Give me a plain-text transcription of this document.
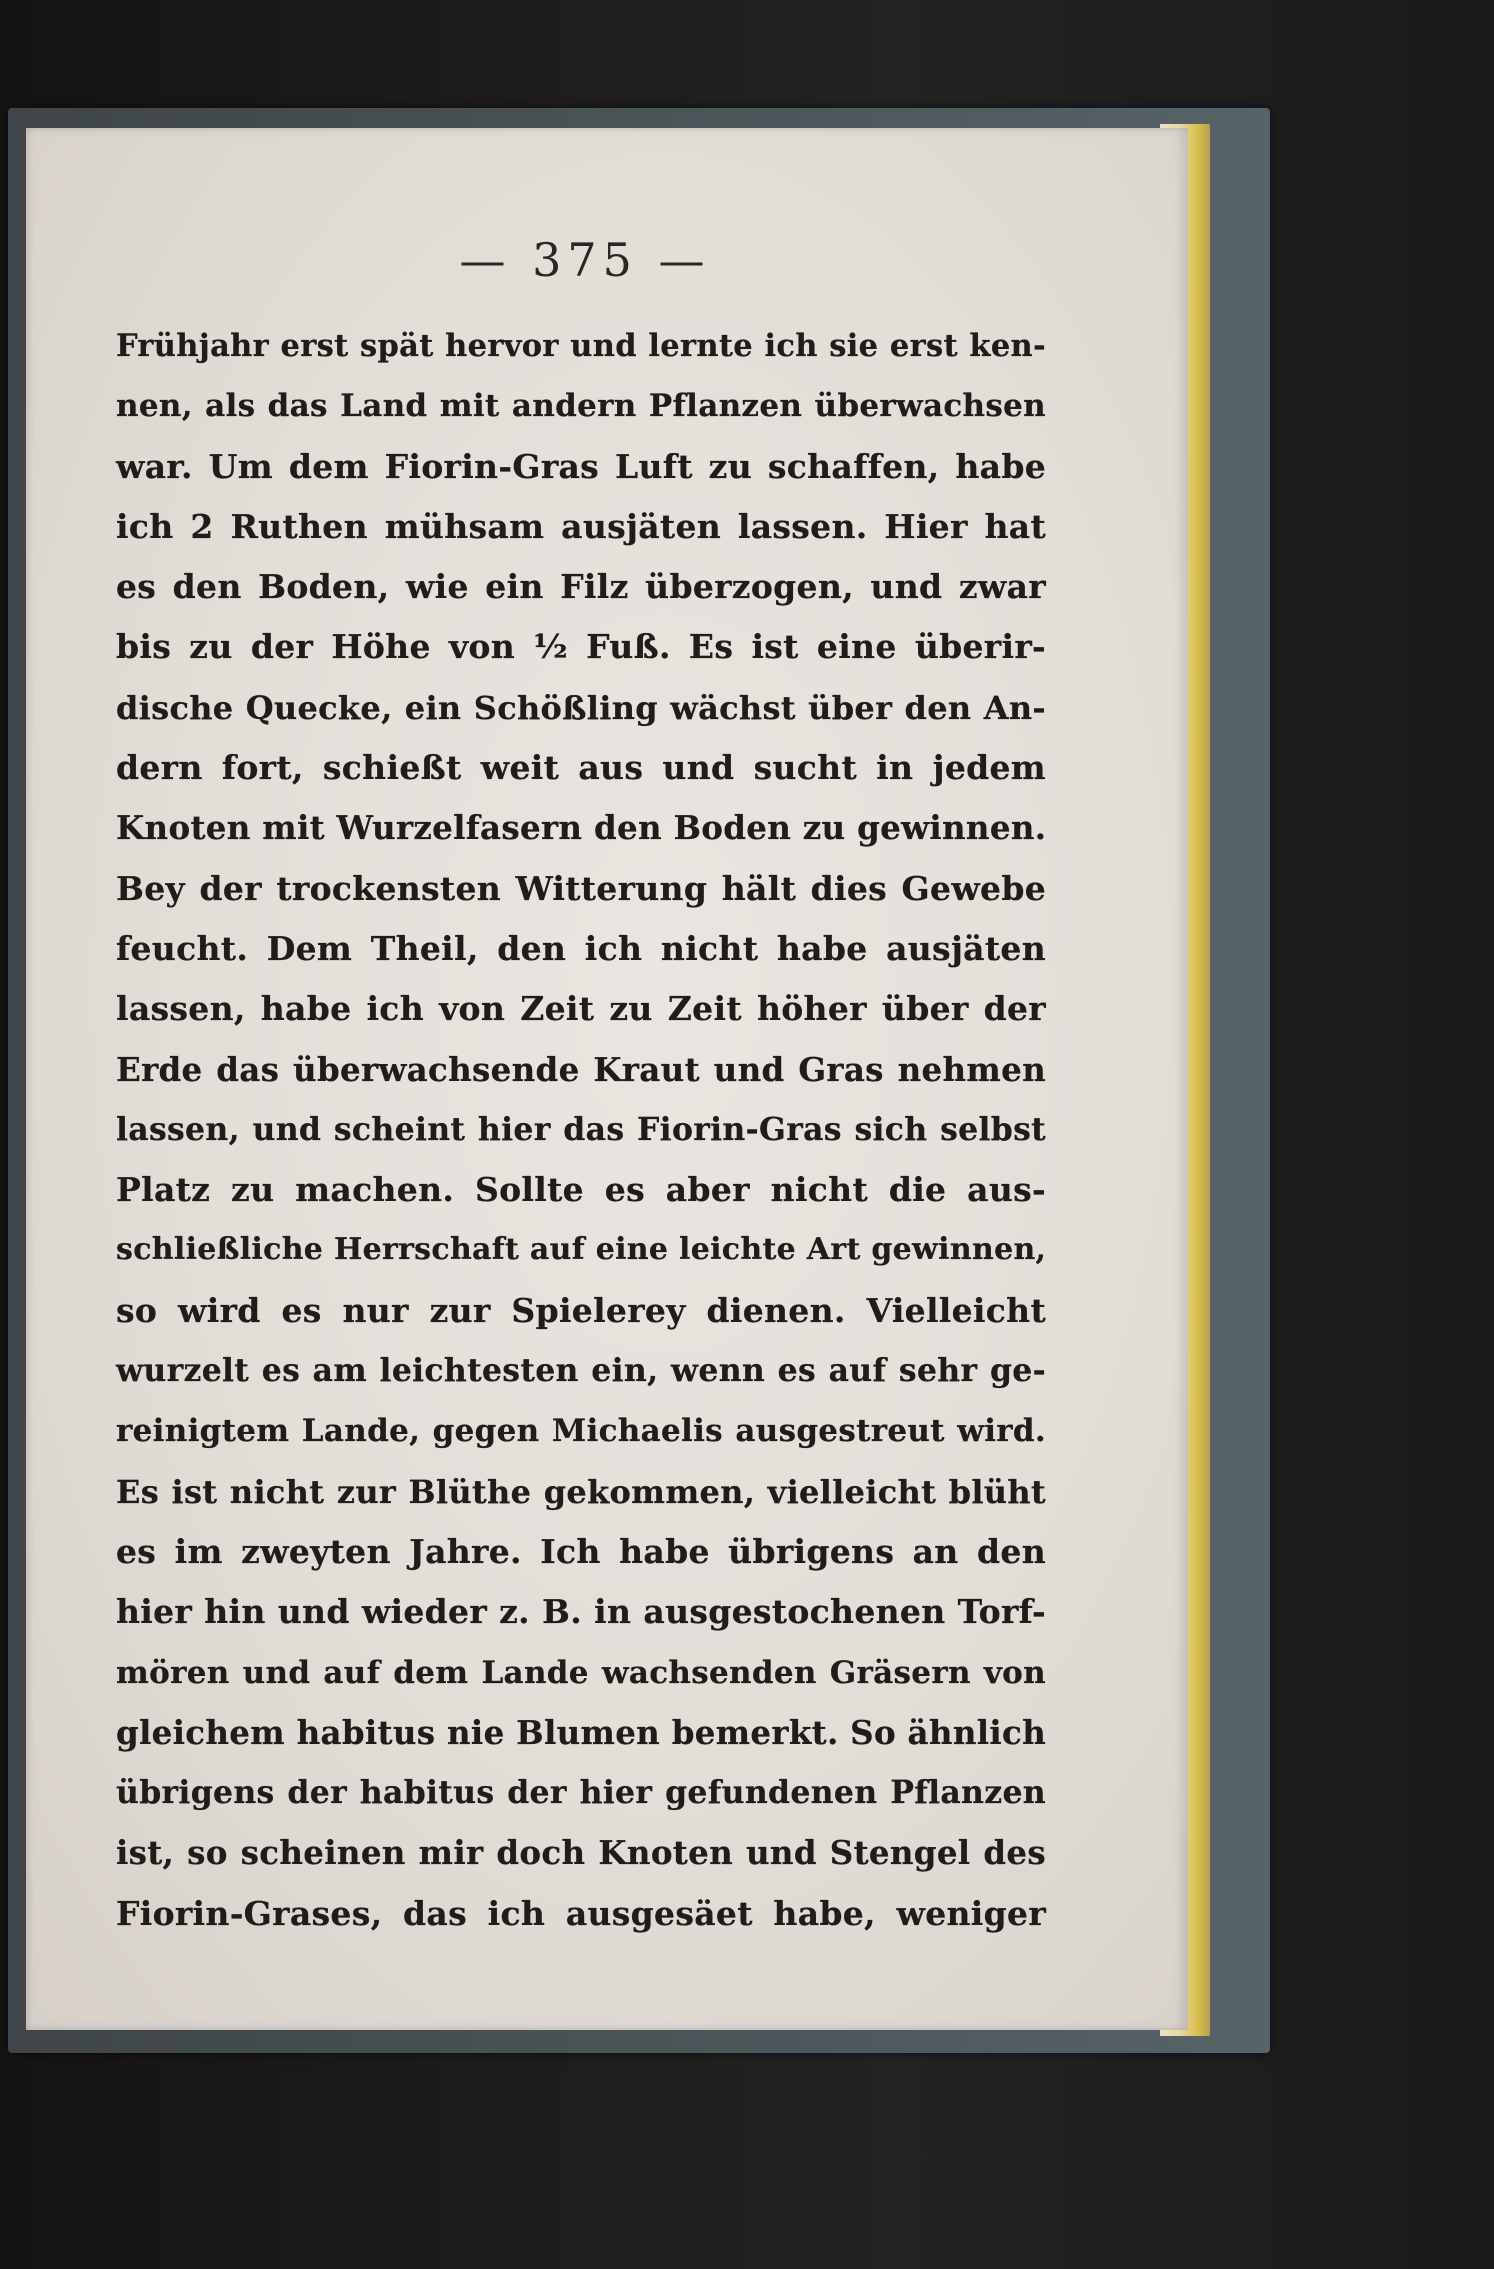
— 375 —

Frühjahr erst spät hervor und lernte ich sie erst ken-
nen, als das Land mit andern Pflanzen überwachsen
war. Um dem Fiorin-Gras Luft zu schaffen, habe
ich 2 Ruthen mühsam ausjäten lassen. Hier hat
es den Boden, wie ein Filz überzogen, und zwar
bis zu der Höhe von ½ Fuß. Es ist eine überir-
dische Quecke, ein Schößling wächst über den An-
dern fort, schießt weit aus und sucht in jedem
Knoten mit Wurzelfasern den Boden zu gewinnen.
Bey der trockensten Witterung hält dies Gewebe
feucht. Dem Theil, den ich nicht habe ausjäten
lassen, habe ich von Zeit zu Zeit höher über der
Erde das überwachsende Kraut und Gras nehmen
lassen, und scheint hier das Fiorin-Gras sich selbst
Platz zu machen. Sollte es aber nicht die aus-
schließliche Herrschaft auf eine leichte Art gewinnen,
so wird es nur zur Spielerey dienen. Vielleicht
wurzelt es am leichtesten ein, wenn es auf sehr ge-
reinigtem Lande, gegen Michaelis ausgestreut wird.
Es ist nicht zur Blüthe gekommen, vielleicht blüht
es im zweyten Jahre. Ich habe übrigens an den
hier hin und wieder z. B. in ausgestochenen Torf-
mören und auf dem Lande wachsenden Gräsern von
gleichem habitus nie Blumen bemerkt. So ähnlich
übrigens der habitus der hier gefundenen Pflanzen
ist, so scheinen mir doch Knoten und Stengel des
Fiorin-Grases, das ich ausgesäet habe, weniger
